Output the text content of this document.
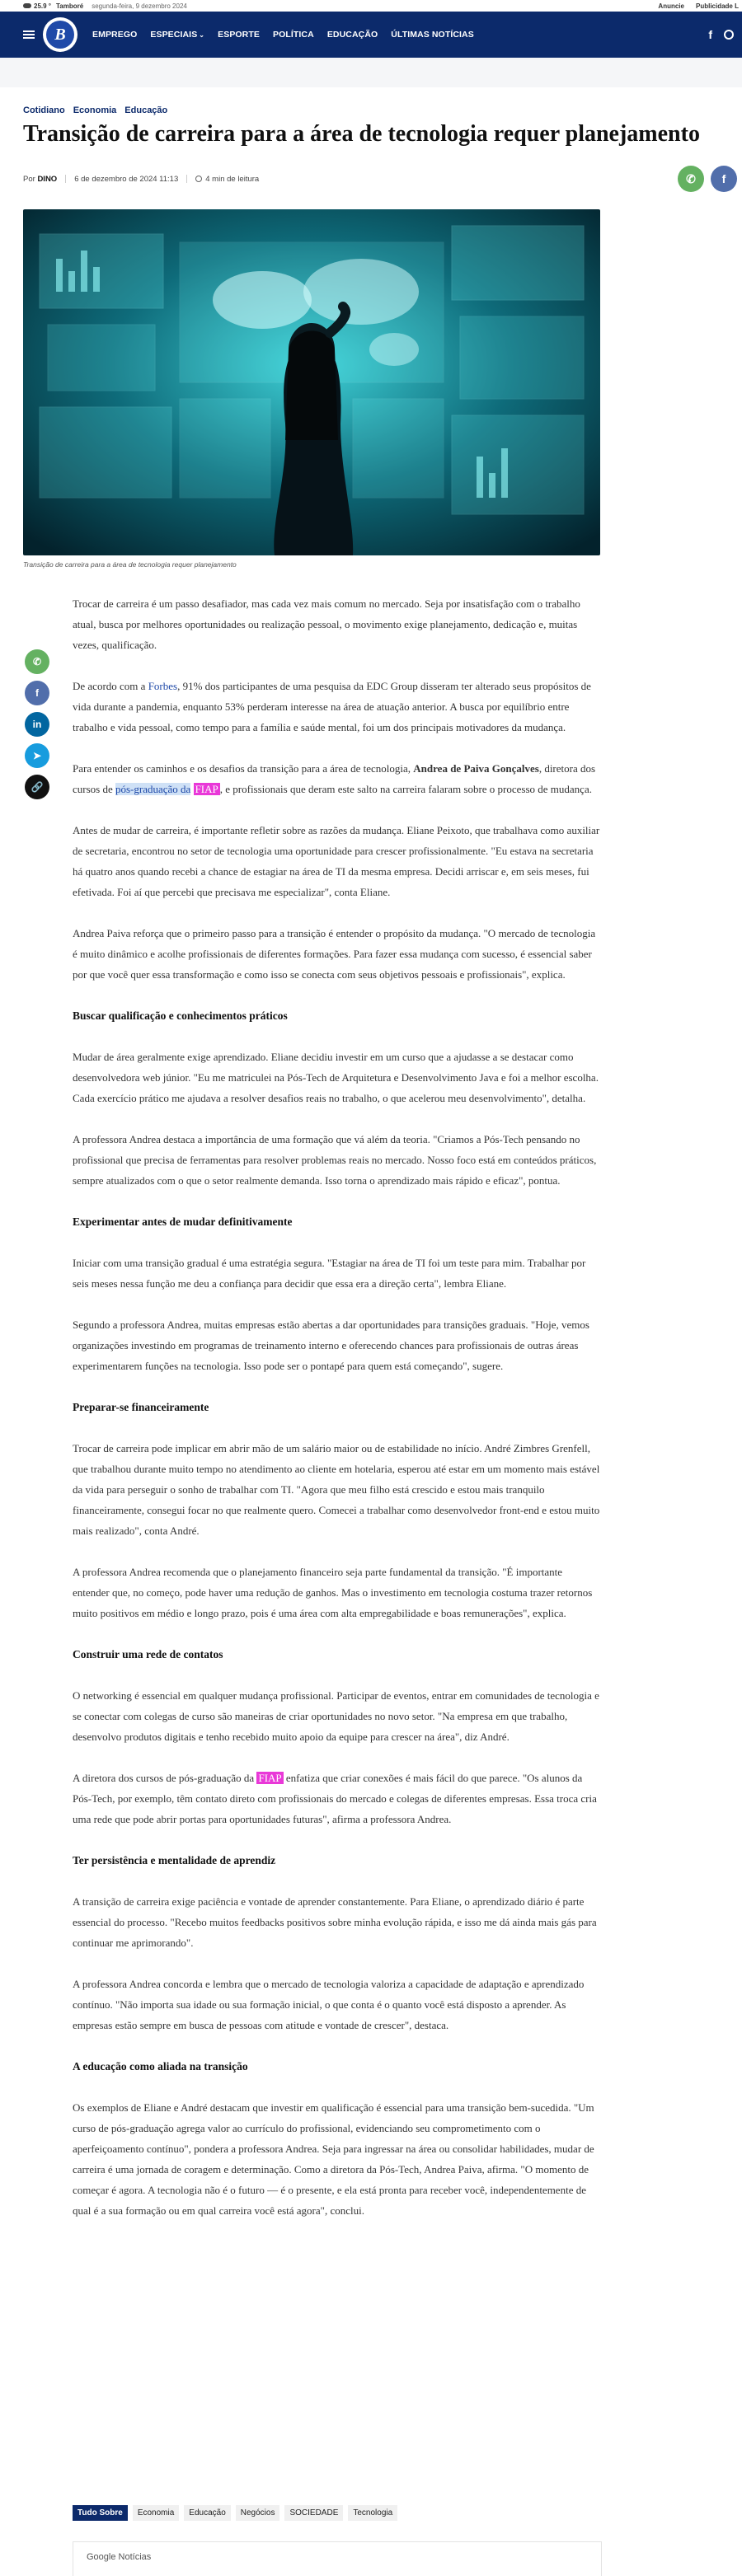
25.9 ° Tamboré segunda-feira, 9 dezembro 2024	Anuncie Publicidade L
B	EMPREGO ESPECIAIS ⌄ ESPORTE POLÍTICA EDUCAÇÃO ÚLTIMAS NOTÍCIAS	f
Cotidiano Economia Educação
Transição de carreira para a área de tecnologia requer planejamento
Por DINO 6 de dezembro de 2024 11:13	4 min de leitura	✆ f
Transição de carreira para a área de tecnologia requer planejamento
✆
f
in
➤
🔗

Trocar de carreira é um passo desafiador, mas cada vez mais comum no mercado. Seja por insatisfação com o trabalho atual, busca por melhores oportunidades ou realização pessoal, o movimento exige planejamento, dedicação e, muitas vezes, qualificação.

De acordo com a Forbes, 91% dos participantes de uma pesquisa da EDC Group disseram ter alterado seus propósitos de vida durante a pandemia, enquanto 53% perderam interesse na área de atuação anterior. A busca por equilíbrio entre trabalho e vida pessoal, como tempo para a família e saúde mental, foi um dos principais motivadores da mudança.

Para entender os caminhos e os desafios da transição para a área de tecnologia, Andrea de Paiva Gonçalves, diretora dos cursos de pós-graduação da FIAP , e profissionais que deram este salto na carreira falaram sobre o processo de mudança.

Antes de mudar de carreira, é importante refletir sobre as razões da mudança. Eliane Peixoto, que trabalhava como auxiliar de secretaria, encontrou no setor de tecnologia uma oportunidade para crescer profissionalmente. "Eu estava na secretaria há quatro anos quando recebi a chance de estagiar na área de TI da mesma empresa. Decidi arriscar e, em seis meses, fui efetivada. Foi aí que percebi que precisava me especializar", conta Eliane.

Andrea Paiva reforça que o primeiro passo para a transição é entender o propósito da mudança. "O mercado de tecnologia é muito dinâmico e acolhe profissionais de diferentes formações. Para fazer essa mudança com sucesso, é essencial saber por que você quer essa transformação e como isso se conecta com seus objetivos pessoais e profissionais", explica.

Buscar qualificação e conhecimentos práticos

Mudar de área geralmente exige aprendizado. Eliane decidiu investir em um curso que a ajudasse a se destacar como desenvolvedora web júnior. "Eu me matriculei na Pós-Tech de Arquitetura e Desenvolvimento Java e foi a melhor escolha. Cada exercício prático me ajudava a resolver desafios reais no trabalho, o que acelerou meu desenvolvimento", detalha.

A professora Andrea destaca a importância de uma formação que vá além da teoria. "Criamos a Pós-Tech pensando no profissional que precisa de ferramentas para resolver problemas reais no mercado. Nosso foco está em conteúdos práticos, sempre atualizados com o que o setor realmente demanda. Isso torna o aprendizado mais rápido e eficaz", pontua.

Experimentar antes de mudar definitivamente

Iniciar com uma transição gradual é uma estratégia segura. "Estagiar na área de TI foi um teste para mim. Trabalhar por seis meses nessa função me deu a confiança para decidir que essa era a direção certa", lembra Eliane.

Segundo a professora Andrea, muitas empresas estão abertas a dar oportunidades para transições graduais. "Hoje, vemos organizações investindo em programas de treinamento interno e oferecendo chances para profissionais de outras áreas experimentarem funções na tecnologia. Isso pode ser o pontapé para quem está começando", sugere.

Preparar-se financeiramente

Trocar de carreira pode implicar em abrir mão de um salário maior ou de estabilidade no início. André Zimbres Grenfell, que trabalhou durante muito tempo no atendimento ao cliente em hotelaria, esperou até estar em um momento mais estável da vida para perseguir o sonho de trabalhar com TI. "Agora que meu filho está crescido e estou mais tranquilo financeiramente, consegui focar no que realmente quero. Comecei a trabalhar como desenvolvedor front-end e estou muito mais realizado", conta André.

A professora Andrea recomenda que o planejamento financeiro seja parte fundamental da transição. "É importante entender que, no começo, pode haver uma redução de ganhos. Mas o investimento em tecnologia costuma trazer retornos muito positivos em médio e longo prazo, pois é uma área com alta empregabilidade e boas remunerações", explica.

Construir uma rede de contatos

O networking é essencial em qualquer mudança profissional. Participar de eventos, entrar em comunidades de tecnologia e se conectar com colegas de curso são maneiras de criar oportunidades no novo setor. "Na empresa em que trabalho, desenvolvo produtos digitais e tenho recebido muito apoio da equipe para crescer na área", diz André.

A diretora dos cursos de pós-graduação da FIAP enfatiza que criar conexões é mais fácil do que parece. "Os alunos da Pós-Tech, por exemplo, têm contato direto com profissionais do mercado e colegas de diferentes empresas. Essa troca cria uma rede que pode abrir portas para oportunidades futuras", afirma a professora Andrea.

Ter persistência e mentalidade de aprendiz

A transição de carreira exige paciência e vontade de aprender constantemente. Para Eliane, o aprendizado diário é parte essencial do processo. "Recebo muitos feedbacks positivos sobre minha evolução rápida, e isso me dá ainda mais gás para continuar me aprimorando".

A professora Andrea concorda e lembra que o mercado de tecnologia valoriza a capacidade de adaptação e aprendizado contínuo. "Não importa sua idade ou sua formação inicial, o que conta é o quanto você está disposto a aprender. As empresas estão sempre em busca de pessoas com atitude e vontade de crescer", destaca.

A educação como aliada na transição

Os exemplos de Eliane e André destacam que investir em qualificação é essencial para uma transição bem-sucedida. "Um curso de pós-graduação agrega valor ao currículo do profissional, evidenciando seu comprometimento com o aperfeiçoamento contínuo", pondera a professora Andrea. Seja para ingressar na área ou consolidar habilidades, mudar de carreira é uma jornada de coragem e determinação. Como a diretora da Pós-Tech, Andrea Paiva, afirma. "O momento de começar é agora. A tecnologia não é o futuro — é o presente, e ela está pronta para receber você, independentemente de qual é a sua formação ou em qual carreira você está agora", conclui.

Tudo Sobre	Economia	Educação	Negócios	SOCIEDADE	Tecnologia
Google Notícias
